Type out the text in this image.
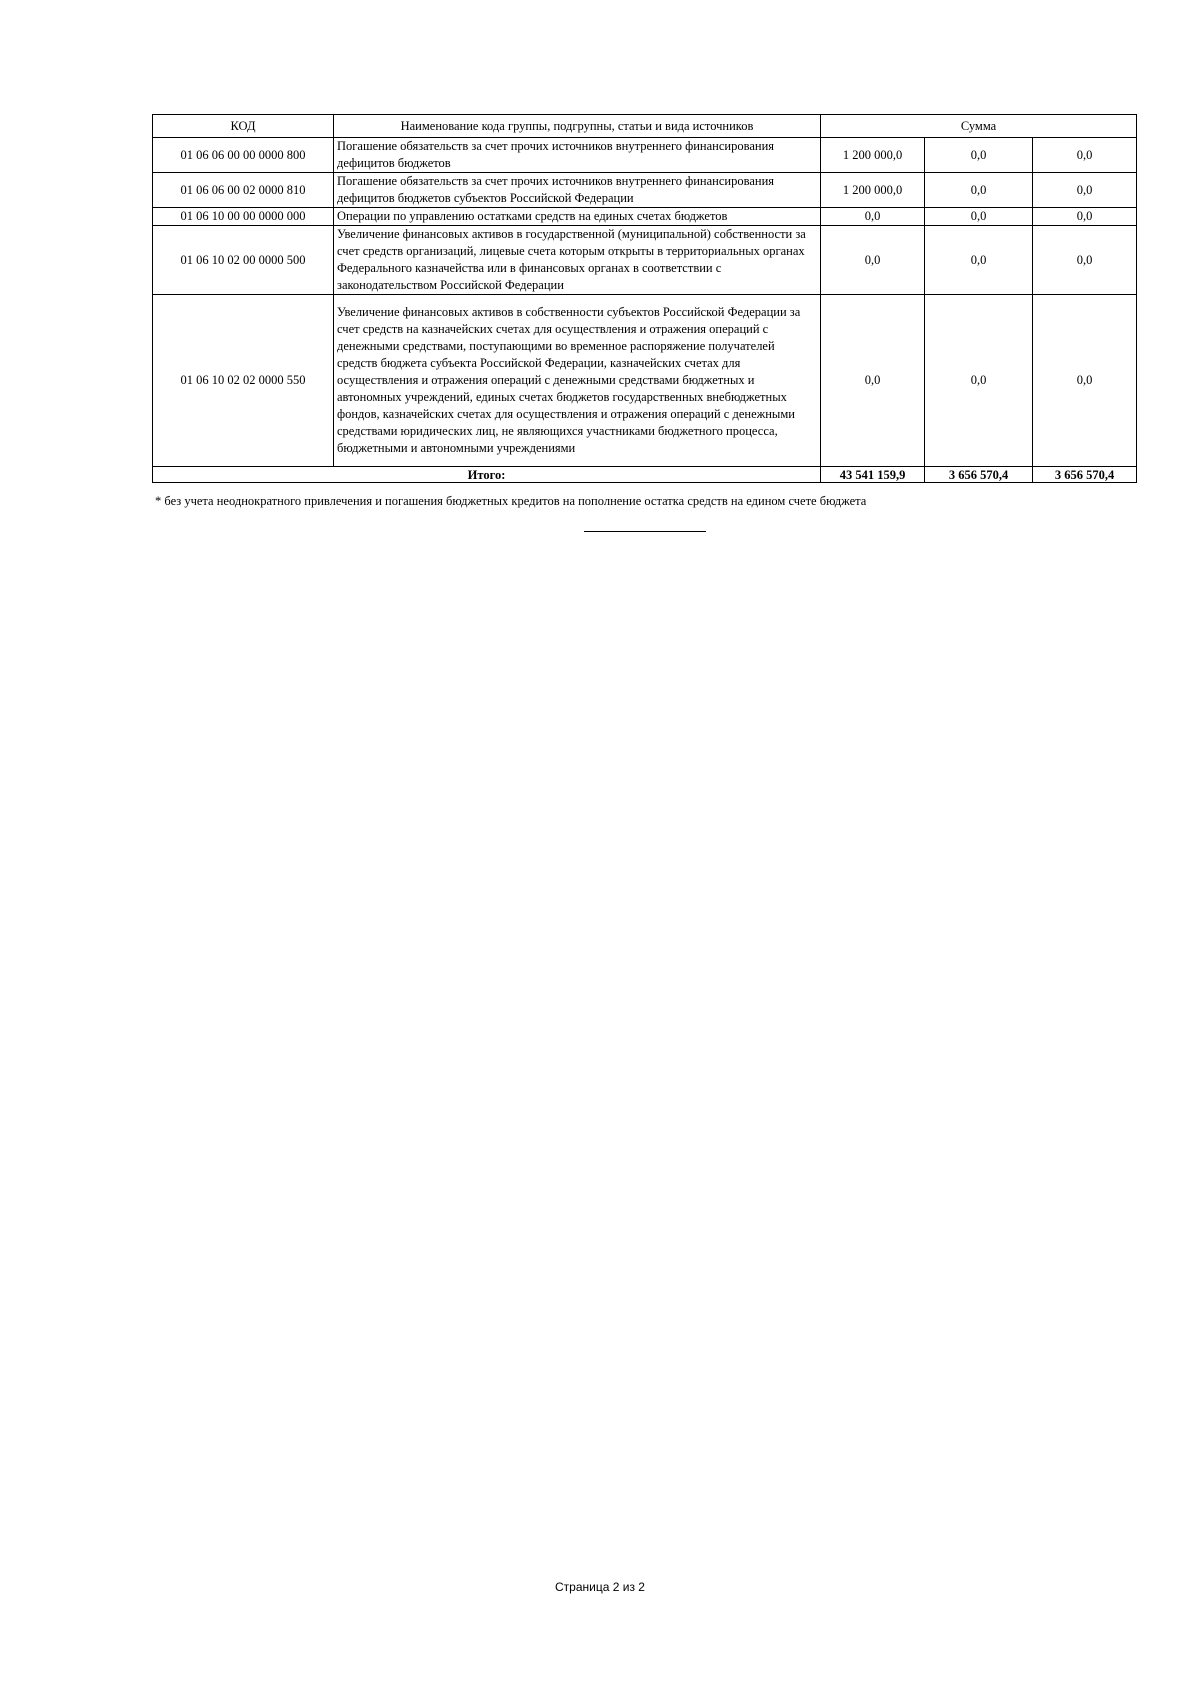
КОД	Наименование кода группы, подгрупны, статьи и вида источников	Сумма		
01 06 06 00 00 0000 800	Погашение обязательств за счет прочих источников внутреннего финансирования дефицитов бюджетов	1 200 000,0	0,0	0,0
01 06 06 00 02 0000 810	Погашение обязательств за счет прочих источников внутреннего финансирования дефицитов бюджетов субъектов Российской Федерации	1 200 000,0	0,0	0,0
01 06 10 00 00 0000 000	Операции по управлению остатками средств на единых счетах бюджетов	0,0	0,0	0,0
01 06 10 02 00 0000 500	Увеличение финансовых активов в государственной (муниципальной) собственности за счет средств организаций, лицевые счета которым открыты в территориальных органах Федерального казначейства или в финансовых органах в соответствии с законодательством Российской Федерации	0,0	0,0	0,0
01 06 10 02 02 0000 550	Увеличение финансовых активов в собственности субъектов Российской Федерации за счет средств на казначейских счетах для осуществления и отражения операций с денежными средствами, поступающими во временное распоряжение получателей средств бюджета субъекта Российской Федерации, казначейских счетах для осуществления и отражения операций с денежными средствами бюджетных и автономных учреждений, единых счетах бюджетов государственных внебюджетных фондов, казначейских счетах для осуществления и отражения операций с денежными средствами юридических лиц, не являющихся участниками бюджетного процесса, бюджетными и автономными учреждениями	0,0	0,0	0,0
Итого:		43 541 159,9	3 656 570,4	3 656 570,4
* без учета неоднократного привлечения и погашения бюджетных кредитов на пополнение остатка средств на едином счете бюджета
Страница 2 из 2
